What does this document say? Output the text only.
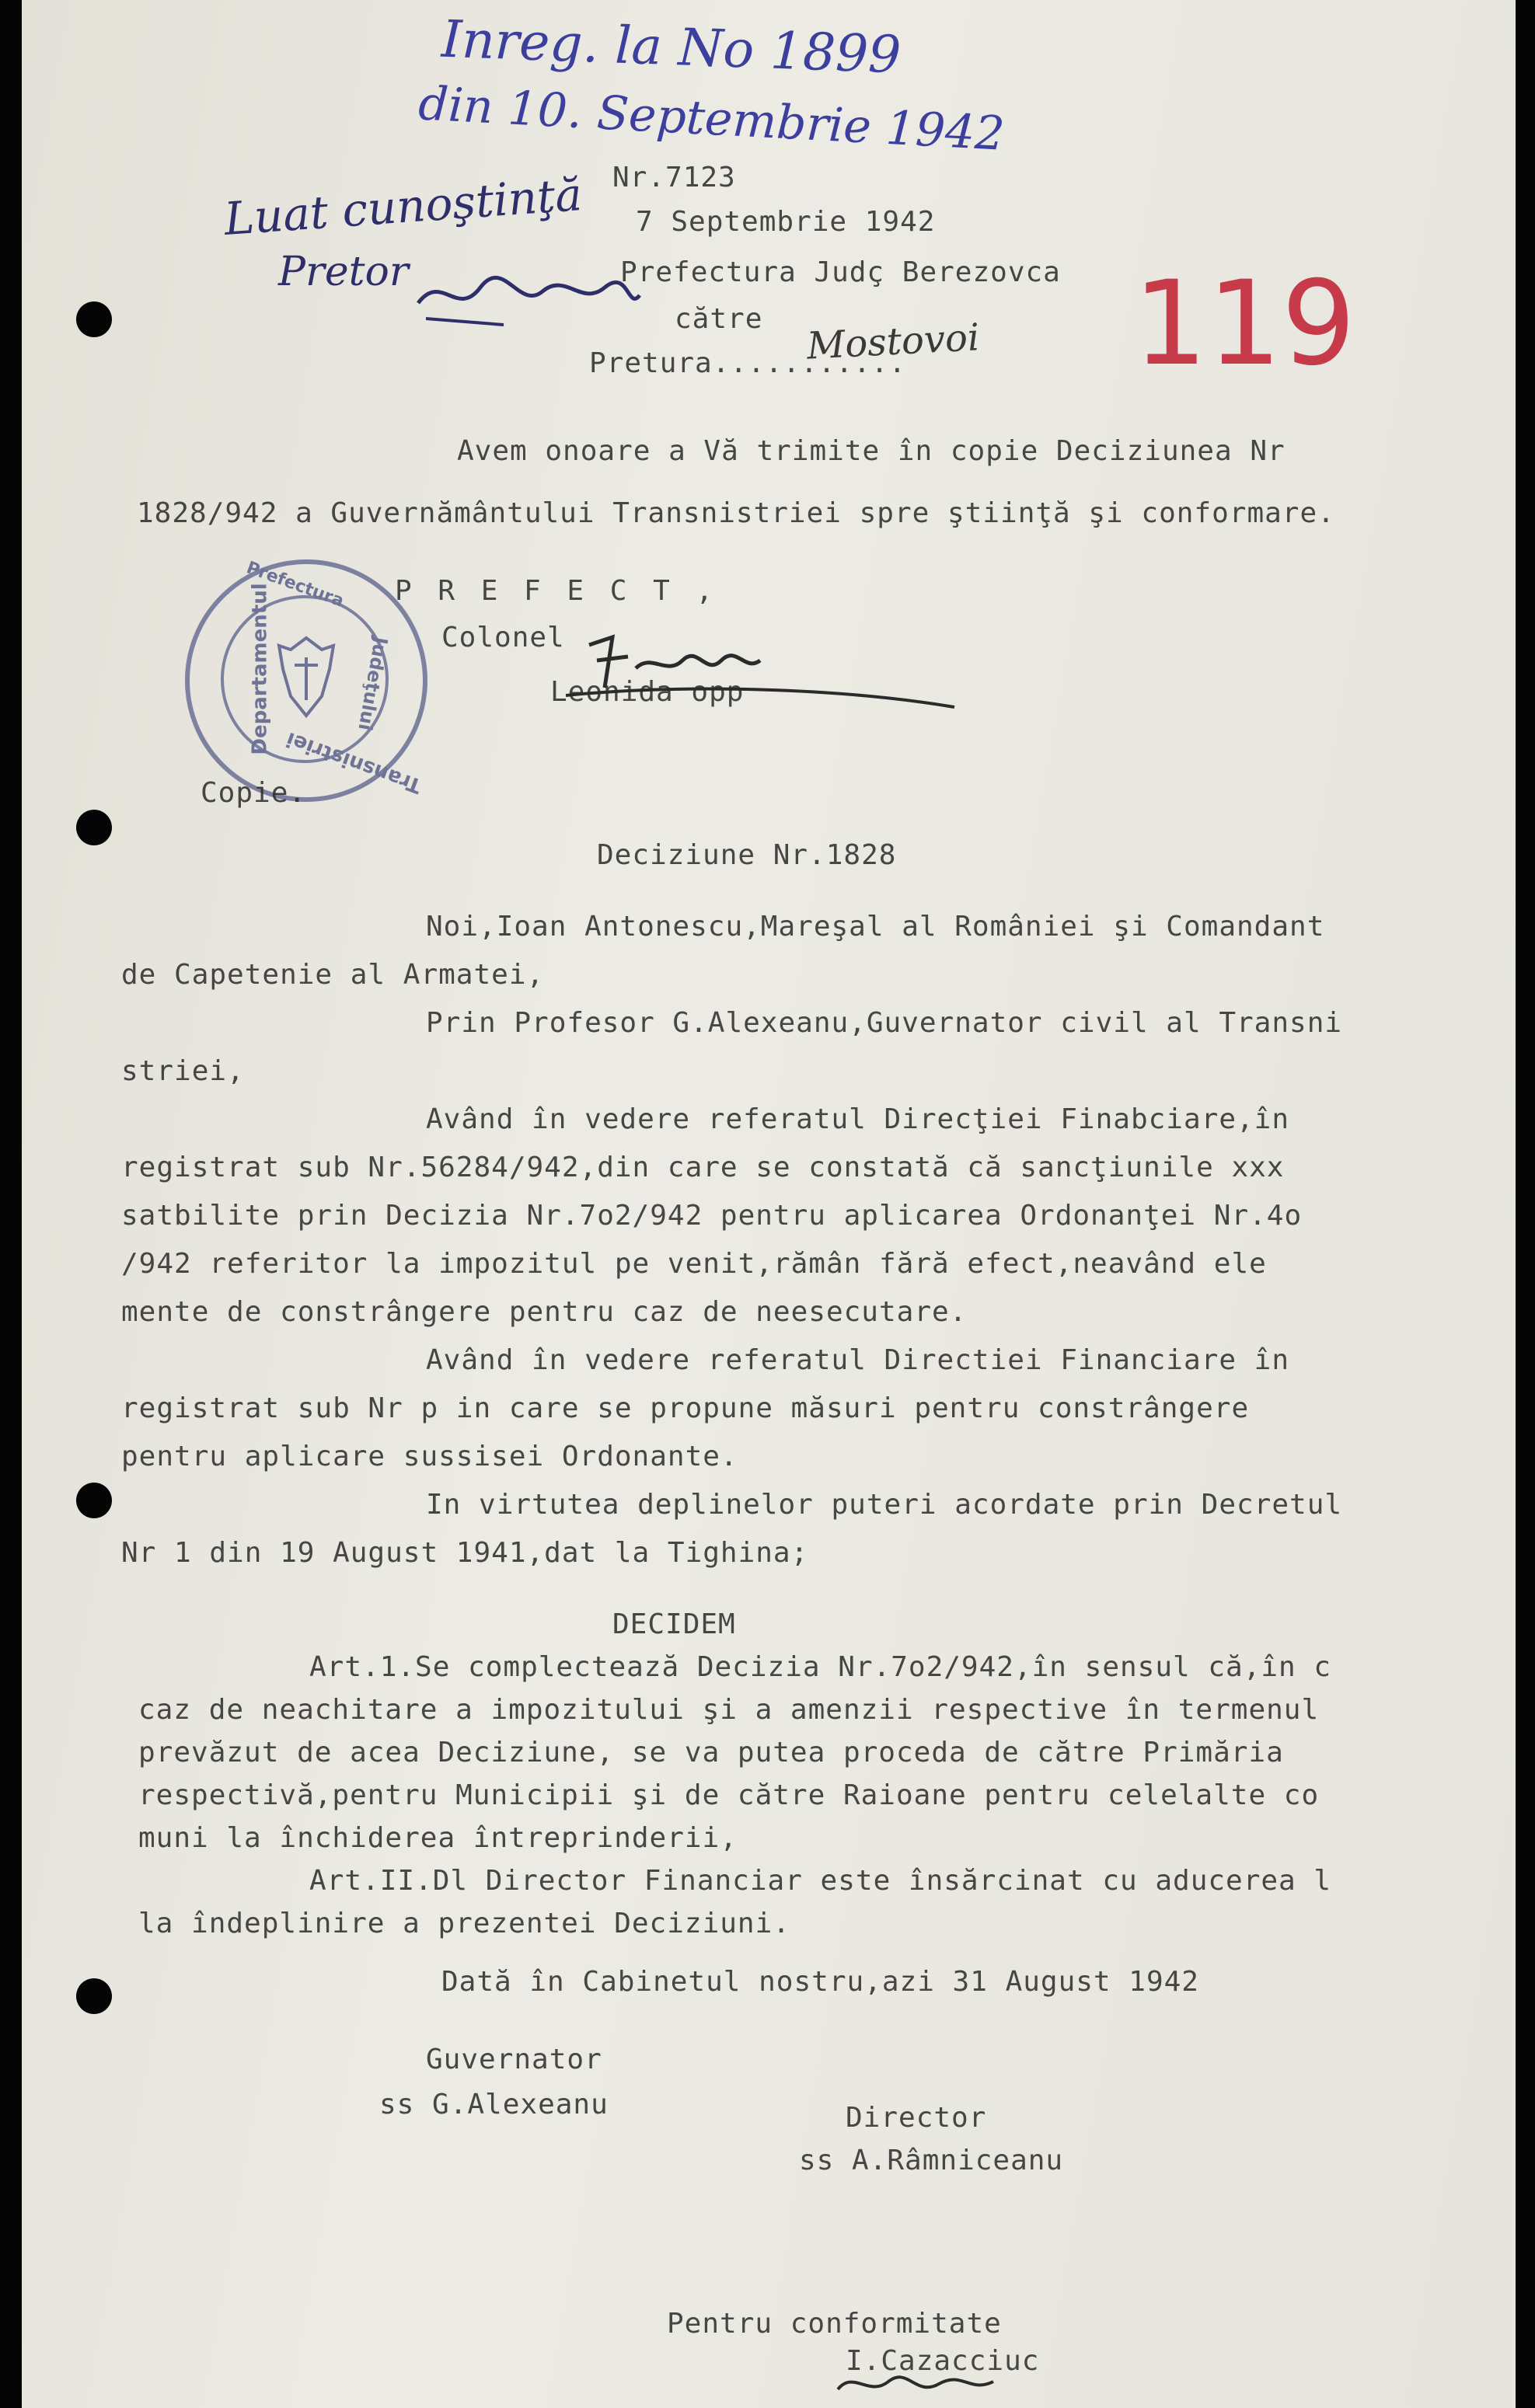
Inreg. la No 1899
din 10. Septembrie 1942
Luat cunoştinţă
Pretor	119
Nr.7123
7 Septembrie 1942
Prefectura Judç Berezovca
către
Pretura...........
Mostovoi
Avem onoare a Vă trimite în copie Deciziunea Nr
1828/942 a Guvernământului Transnistriei spre ştiinţă şi conformare.
P R E F E C T ,
Colonel
Leonida opp
Departamentul
Prefectura
Transnistriei
Judeţului
Copie.
Deciziune Nr.1828
Noi,Ioan Antonescu,Mareşal al României şi Comandant
de Capetenie al Armatei,
Prin Profesor G.Alexeanu,Guvernator civil al Transni
striei,
Având în vedere referatul Direcţiei Finabciare,în
registrat sub Nr.56284/942,din care se constată că sancţiunile xxx
satbilite prin Decizia Nr.7o2/942 pentru aplicarea Ordonanţei Nr.4o
/942 referitor la impozitul pe venit,rămân fără efect,neavând ele
mente de constrângere pentru caz de neesecutare.
Având în vedere referatul Directiei Financiare în
registrat sub Nr p in care se propune măsuri pentru constrângere
pentru aplicare sussisei Ordonante.
In virtutea deplinelor puteri acordate prin Decretul
Nr 1 din 19 August 1941,dat la Tighina;
DECIDEM
Art.1.Se complectează Decizia Nr.7o2/942,în sensul că,în c
caz de neachitare a impozitului şi a amenzii respective în termenul
prevăzut de acea Deciziune, se va putea proceda de către Primăria
respectivă,pentru Municipii şi de către Raioane pentru celelalte co
muni la închiderea întreprinderii,
Art.II.Dl Director Financiar este însărcinat cu aducerea l
la îndeplinire a prezentei Deciziuni.
Dată în Cabinetul nostru,azi 31 August 1942
Guvernator
ss G.Alexeanu	Director
ss A.Râmniceanu
Pentru conformitate
I.Cazacciuc
